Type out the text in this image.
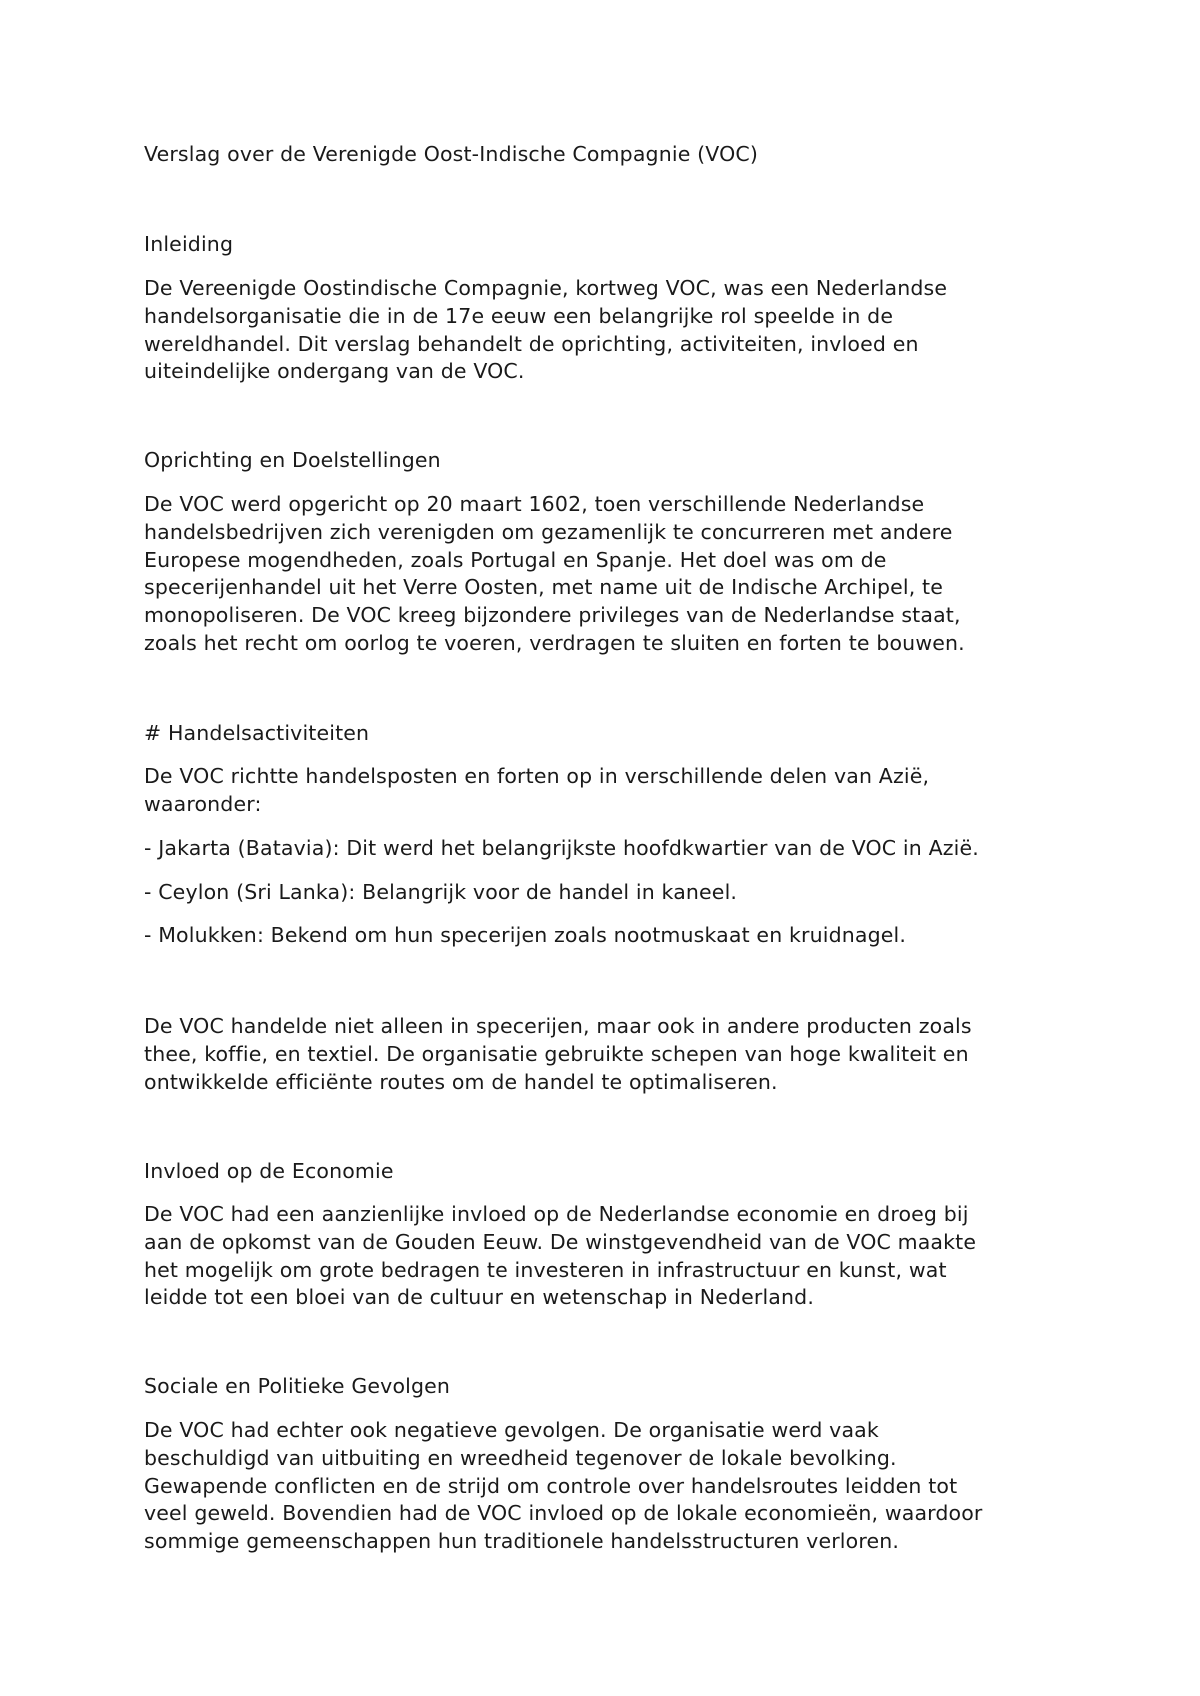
Verslag over de Verenigde Oost-Indische Compagnie (VOC)

Inleiding

De Vereenigde Oostindische Compagnie, kortweg VOC, was een Nederlandse
handelsorganisatie die in de 17e eeuw een belangrijke rol speelde in de
wereldhandel. Dit verslag behandelt de oprichting, activiteiten, invloed en
uiteindelijke ondergang van de VOC.

Oprichting en Doelstellingen

De VOC werd opgericht op 20 maart 1602, toen verschillende Nederlandse
handelsbedrijven zich verenigden om gezamenlijk te concurreren met andere
Europese mogendheden, zoals Portugal en Spanje. Het doel was om de
specerijenhandel uit het Verre Oosten, met name uit de Indische Archipel, te
monopoliseren. De VOC kreeg bijzondere privileges van de Nederlandse staat,
zoals het recht om oorlog te voeren, verdragen te sluiten en forten te bouwen.

# Handelsactiviteiten

De VOC richtte handelsposten en forten op in verschillende delen van Azië,
waaronder:

- Jakarta (Batavia): Dit werd het belangrijkste hoofdkwartier van de VOC in Azië.

- Ceylon (Sri Lanka): Belangrijk voor de handel in kaneel.

- Molukken: Bekend om hun specerijen zoals nootmuskaat en kruidnagel.

De VOC handelde niet alleen in specerijen, maar ook in andere producten zoals
thee, koffie, en textiel. De organisatie gebruikte schepen van hoge kwaliteit en
ontwikkelde efficiënte routes om de handel te optimaliseren.

Invloed op de Economie

De VOC had een aanzienlijke invloed op de Nederlandse economie en droeg bij
aan de opkomst van de Gouden Eeuw. De winstgevendheid van de VOC maakte
het mogelijk om grote bedragen te investeren in infrastructuur en kunst, wat
leidde tot een bloei van de cultuur en wetenschap in Nederland.

Sociale en Politieke Gevolgen

De VOC had echter ook negatieve gevolgen. De organisatie werd vaak
beschuldigd van uitbuiting en wreedheid tegenover de lokale bevolking.
Gewapende conflicten en de strijd om controle over handelsroutes leidden tot
veel geweld. Bovendien had de VOC invloed op de lokale economieën, waardoor
sommige gemeenschappen hun traditionele handelsstructuren verloren.
